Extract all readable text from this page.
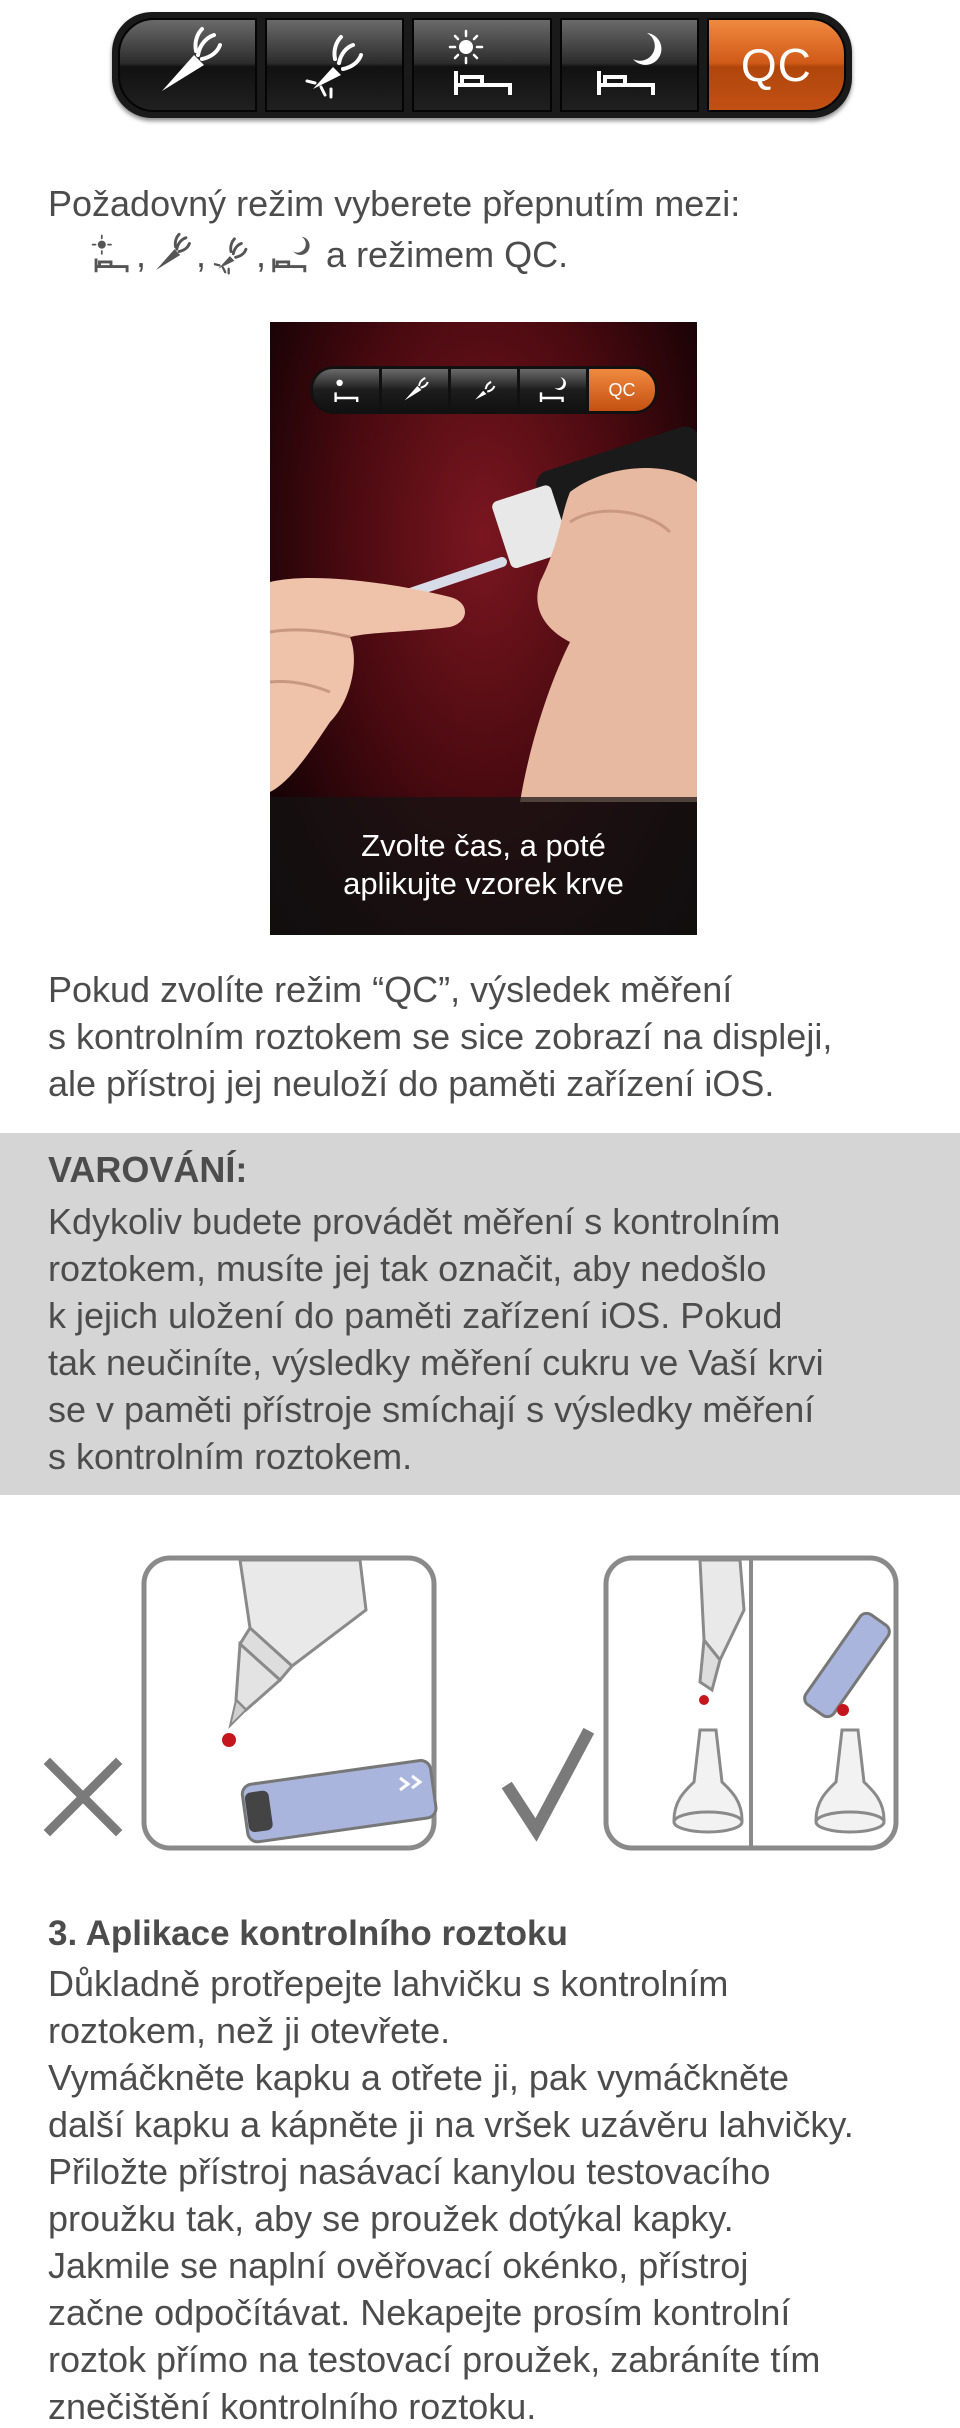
QC
Požadovný režim vyberete přepnutím mezi:
, , , a režimem QC.
QC
Zvolte čas, a poté
aplikujte vzorek krve
Pokud zvolíte režim “QC”, výsledek měření
s kontrolním roztokem se sice zobrazí na displeji,
ale přístroj jej neuloží do paměti zařízení iOS.
VAROVÁNÍ:
Kdykoliv budete provádět měření s kontrolním
roztokem, musíte jej tak označit, aby nedošlo
k jejich uložení do paměti zařízení iOS. Pokud
tak neučiníte, výsledky měření cukru ve Vaší krvi
se v paměti přístroje smíchají s výsledky měření
s kontrolním roztokem.
3. Aplikace kontrolního roztoku
Důkladně protřepejte lahvičku s kontrolním
roztokem, než ji otevřete.
Vymáčkněte kapku a otřete ji, pak vymáčkněte
další kapku a kápněte ji na vršek uzávěru lahvičky.
Přiložte přístroj nasávací kanylou testovacího
proužku tak, aby se proužek dotýkal kapky.
Jakmile se naplní ověřovací okénko, přístroj
začne odpočítávat. Nekapejte prosím kontrolní
roztok přímo na testovací proužek, zabráníte tím
znečištění kontrolního roztoku.
